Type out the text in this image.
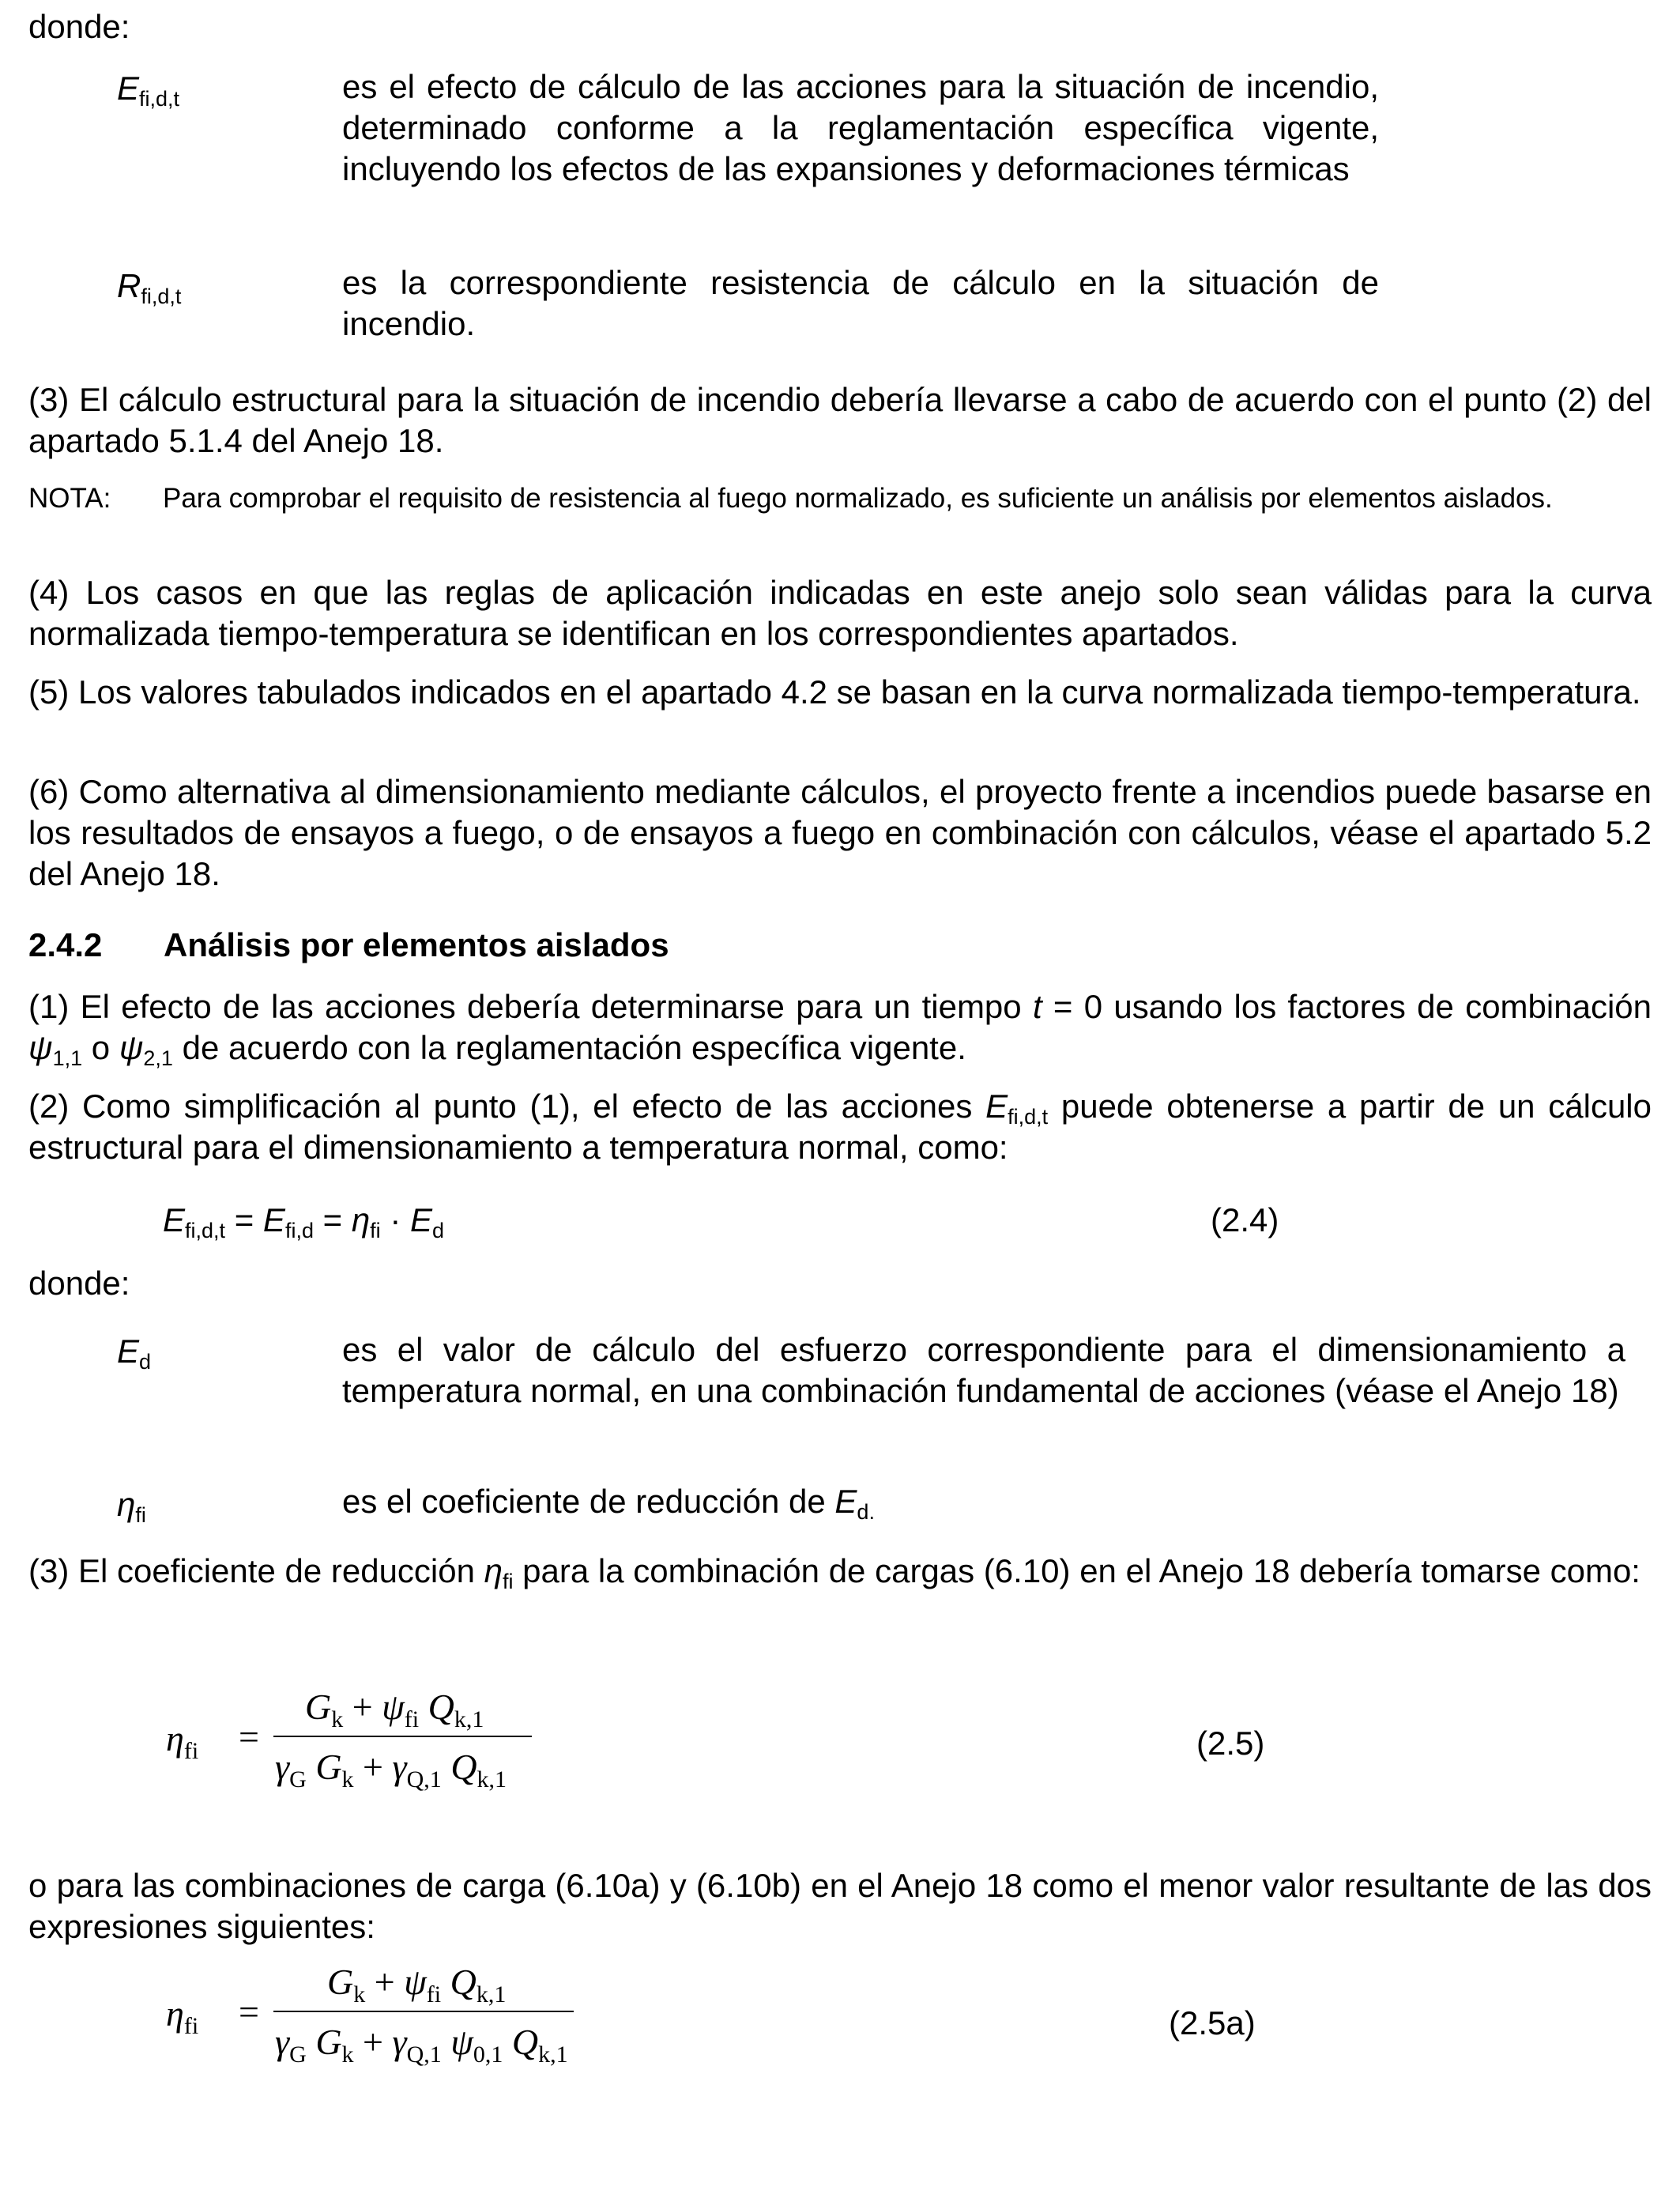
donde:
$E_{fi,d,t}$	es el efecto de cálculo de las acciones para la situación de incendio, determinado conforme a la reglamentación específica vigente, incluyendo los efectos de las expansiones y deformaciones térmicas
$R_{fi,d,t}$	es la correspondiente resistencia de cálculo en la situación de incendio.
(3) El cálculo estructural para la situación de incendio debería llevarse a cabo de acuerdo con el punto (2) del apartado 5.1.4 del Anejo 18.
NOTA: Para comprobar el requisito de resistencia al fuego normalizado, es suficiente un análisis por elementos aislados.
(4) Los casos en que las reglas de aplicación indicadas en este anejo solo sean válidas para la curva normalizada tiempo-temperatura se identifican en los correspondientes apartados.
(5) Los valores tabulados indicados en el apartado 4.2 se basan en la curva normalizada tiempo-temperatura.
(6) Como alternativa al dimensionamiento mediante cálculos, el proyecto frente a incendios puede basarse en los resultados de ensayos a fuego, o de ensayos a fuego en combinación con cálculos, véase el apartado 5.2 del Anejo 18.
2.4.2 Análisis por elementos aislados
(1) El efecto de las acciones debería determinarse para un tiempo t = 0 usando los factores de combinación $\psi_{1,1}$ o $\psi_{2,1}$ de acuerdo con la reglamentación específica vigente.
(2) Como simplificación al punto (1), el efecto de las acciones $E_{fi,d,t}$ puede obtenerse a partir de un cálculo estructural para el dimensionamiento a temperatura normal, como:
$E_{fi,d,t} = E_{fi,d} = \eta_{fi} \cdot E_d$	(2.4)
donde:
$E_d$	es el valor de cálculo del esfuerzo correspondiente para el dimensionamiento a temperatura normal, en una combinación fundamental de acciones (véase el Anejo 18)
$\eta_{fi}$	es el coeficiente de reducción de $E_{d.}$
(3) El coeficiente de reducción $\eta_{fi}$ para la combinación de cargas (6.10) en el Anejo 18 debería tomarse como:
$\eta_{fi}$ =
$G_k + \psi_{fi}$ $Q_{k,1}$
$\gamma_G$ $G_k + \gamma_{Q,1}$ $Q_{k,1}$
(2.5)
o para las combinaciones de carga (6.10a) y (6.10b) en el Anejo 18 como el menor valor resultante de las dos expresiones siguientes:
$\eta_{fi}$ =
$G_k + \psi_{fi}$ $Q_{k,1}$
$\gamma_G$ $G_k + \gamma_{Q,1}$ $\psi_{0,1}$ $Q_{k,1}$
(2.5a)
